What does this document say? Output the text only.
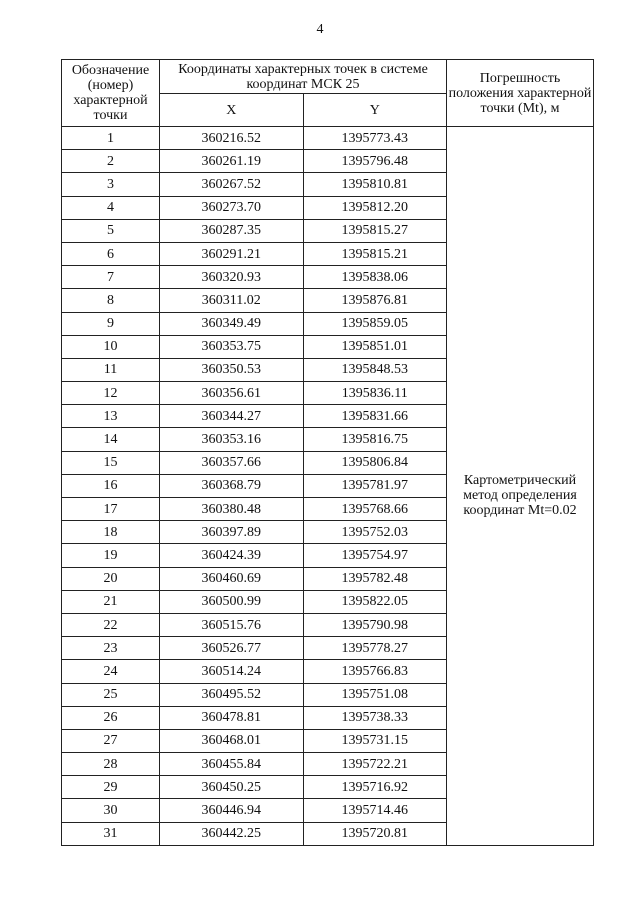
4
Обозначение (номер) характерной точки	Координаты характерных точек в системе координат МСК 25		Погрешность положения характерной точки (Mt), м
	X	Y	
1	360216.52	1395773.43	Картометрический метод определения координат Mt=0.02
2	360261.19	1395796.48	
3	360267.52	1395810.81	
4	360273.70	1395812.20	
5	360287.35	1395815.27	
6	360291.21	1395815.21	
7	360320.93	1395838.06	
8	360311.02	1395876.81	
9	360349.49	1395859.05	
10	360353.75	1395851.01	
11	360350.53	1395848.53	
12	360356.61	1395836.11	
13	360344.27	1395831.66	
14	360353.16	1395816.75	
15	360357.66	1395806.84	
16	360368.79	1395781.97	
17	360380.48	1395768.66	
18	360397.89	1395752.03	
19	360424.39	1395754.97	
20	360460.69	1395782.48	
21	360500.99	1395822.05	
22	360515.76	1395790.98	
23	360526.77	1395778.27	
24	360514.24	1395766.83	
25	360495.52	1395751.08	
26	360478.81	1395738.33	
27	360468.01	1395731.15	
28	360455.84	1395722.21	
29	360450.25	1395716.92	
30	360446.94	1395714.46	
31	360442.25	1395720.81	
